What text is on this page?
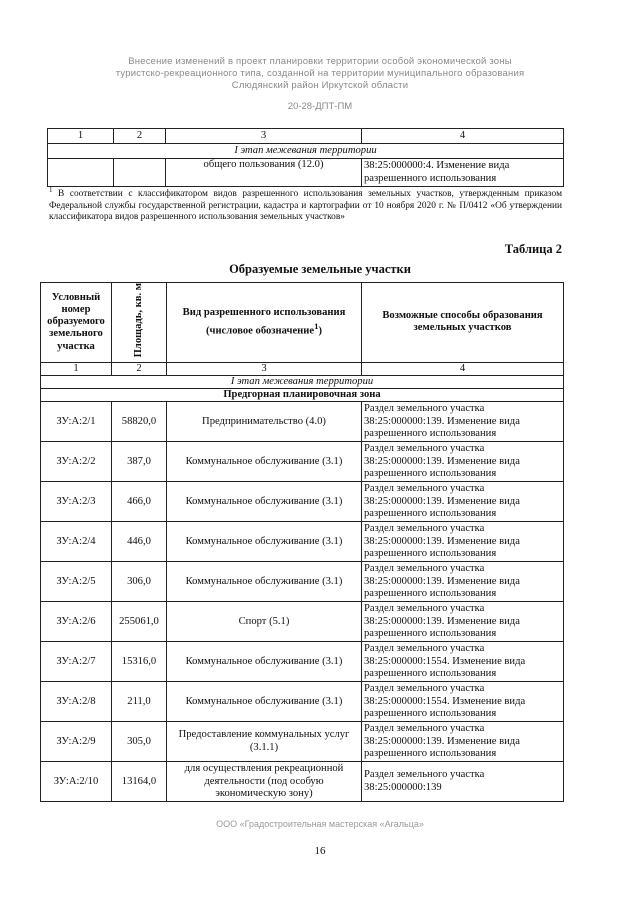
Внесение изменений в проект планировки территории особой экономической зоны
туристско-рекреационного типа, созданной на территории муниципального образования
Слюдянский район Иркутской области
20-28-ДПТ-ПМ
1	2	3	4
I этап межевания территории			
		общего пользования (12.0)	38:25:000000:4. Изменение вида разрешенного использования
$^1$ В соответствии с классификатором видов разрешенного использования земельных участков, утвержденным приказом Федеральной службы государственной регистрации, кадастра и картографии от 10 ноября 2020 г. № П/0412 «Об утверждении классификатора видов разрешенного использования земельных участков»
Таблица 2
Образуемые земельные участки
Условный номер образуемого земельного участка	Площадь, кв. м	Вид разрешенного использования (числовое обозначение$^1$)	Возможные способы образования земельных участков
1	2	3	4
I этап межевания территории			
Предгорная планировочная зона			
ЗУ:А:2/1	58820,0	Предпринимательство (4.0)	Раздел земельного участка 38:25:000000:139. Изменение вида разрешенного использования
ЗУ:А:2/2	387,0	Коммунальное обслуживание (3.1)	Раздел земельного участка 38:25:000000:139. Изменение вида разрешенного использования
ЗУ:А:2/3	466,0	Коммунальное обслуживание (3.1)	Раздел земельного участка 38:25:000000:139. Изменение вида разрешенного использования
ЗУ:А:2/4	446,0	Коммунальное обслуживание (3.1)	Раздел земельного участка 38:25:000000:139. Изменение вида разрешенного использования
ЗУ:А:2/5	306,0	Коммунальное обслуживание (3.1)	Раздел земельного участка 38:25:000000:139. Изменение вида разрешенного использования
ЗУ:А:2/6	255061,0	Спорт (5.1)	Раздел земельного участка 38:25:000000:139. Изменение вида разрешенного использования
ЗУ:А:2/7	15316,0	Коммунальное обслуживание (3.1)	Раздел земельного участка 38:25:000000:1554. Изменение вида разрешенного использования
ЗУ:А:2/8	211,0	Коммунальное обслуживание (3.1)	Раздел земельного участка 38:25:000000:1554. Изменение вида разрешенного использования
ЗУ:А:2/9	305,0	Предоставление коммунальных услуг (3.1.1)	Раздел земельного участка 38:25:000000:139. Изменение вида разрешенного использования
ЗУ:А:2/10	13164,0	для осуществления рекреационной деятельности (под особую экономическую зону)	Раздел земельного участка 38:25:000000:139
ООО «Градостроительная мастерская «Агальца»
16
